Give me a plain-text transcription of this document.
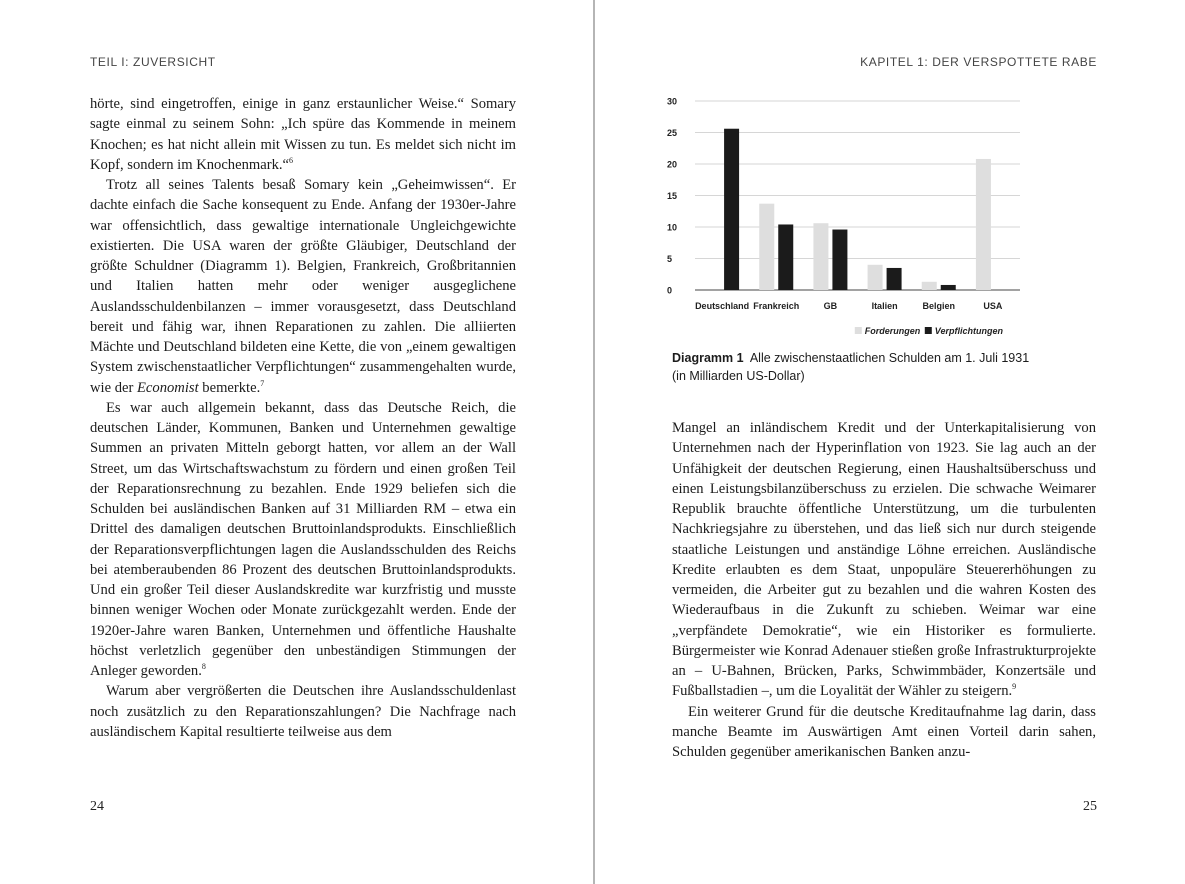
TEIL I: ZUVERSICHT

hörte, sind eingetroffen, einige in ganz erstaunlicher Weise.“ Somary sagte einmal zu seinem Sohn: „Ich spüre das Kommende in meinem Knochen; es hat nicht allein mit Wissen zu tun. Es meldet sich nicht im Kopf, sondern im Knochenmark.“$^6$

Trotz all seines Talents besaß Somary kein „Geheimwissen“. Er dachte einfach die Sache konsequent zu Ende. Anfang der 1930er-Jahre war offensichtlich, dass gewaltige internationale Ungleichgewichte existierten. Die USA waren der größte Gläubiger, Deutschland der größte Schuldner (Diagramm 1). Belgien, Frankreich, Großbritannien und Italien hatten mehr oder weniger ausgeglichene Auslandsschuldenbilanzen – immer vorausgesetzt, dass Deutschland bereit und fähig war, ihnen Reparationen zu zahlen. Die alliierten Mächte und Deutschland bildeten eine Kette, die von „einem gewaltigen System zwischenstaatlicher Verpflichtungen“ zusammengehalten wurde, wie der Economist bemerkte.$^7$

Es war auch allgemein bekannt, dass das Deutsche Reich, die deutschen Länder, Kommunen, Banken und Unternehmen gewaltige Summen an privaten Mitteln geborgt hatten, vor allem an der Wall Street, um das Wirtschaftswachstum zu fördern und einen großen Teil der Reparationsrechnung zu bezahlen. Ende 1929 beliefen sich die Schulden bei ausländischen Banken auf 31 Milliarden RM – etwa ein Drittel des damaligen deutschen Bruttoinlandsprodukts. Einschließlich der Reparationsverpflichtungen lagen die Auslandsschulden des Reichs bei atemberaubenden 86 Prozent des deutschen Bruttoinlandsprodukts. Und ein großer Teil dieser Auslandskredite war kurzfristig und musste binnen weniger Wochen oder Monate zurückgezahlt werden. Ende der 1920er-Jahre waren Banken, Unternehmen und öffentliche Haushalte höchst verletzlich gegenüber den unbeständigen Stimmungen der Anleger geworden.$^8$

Warum aber vergrößerten die Deutschen ihre Auslandsschuldenlast noch zusätzlich zu den Reparationszahlungen? Die Nachfrage nach ausländischem Kapital resultierte teilweise aus dem

24
KAPITEL 1: DER VERSPOTTETE RABE
0
5
10
15
20
25
30
Deutschland Frankreich	GB	Italien	Belgien	USA
Forderungen Verpflichtungen
Diagramm 1 Alle zwischenstaatlichen Schulden am 1. Juli 1931
(in Milliarden US-Dollar)

Mangel an inländischem Kredit und der Unterkapitalisierung von Unternehmen nach der Hyperinflation von 1923. Sie lag auch an der Unfähigkeit der deutschen Regierung, einen Haushaltsüberschuss und einen Leistungsbilanzüberschuss zu erzielen. Die schwache Weimarer Republik brauchte öffentliche Unterstützung, um die turbulenten Nachkriegsjahre zu überstehen, und das ließ sich nur durch steigende staatliche Leistungen und anständige Löhne erreichen. Ausländische Kredite erlaubten es dem Staat, unpopuläre Steuererhöhungen zu vermeiden, die Arbeiter gut zu bezahlen und die wahren Kosten des Wiederaufbaus in die Zukunft zu schieben. Weimar war eine „verpfändete Demokratie“, wie ein Historiker es formulierte. Bürgermeister wie Konrad Adenauer stießen große Infrastrukturprojekte an – U-Bahnen, Brücken, Parks, Schwimmbäder, Konzertsäle und Fußballstadien –, um die Loyalität der Wähler zu steigern.$^9$

Ein weiterer Grund für die deutsche Kreditaufnahme lag darin, dass manche Beamte im Auswärtigen Amt einen Vorteil darin sahen, Schulden gegenüber amerikanischen Banken anzu-

25
